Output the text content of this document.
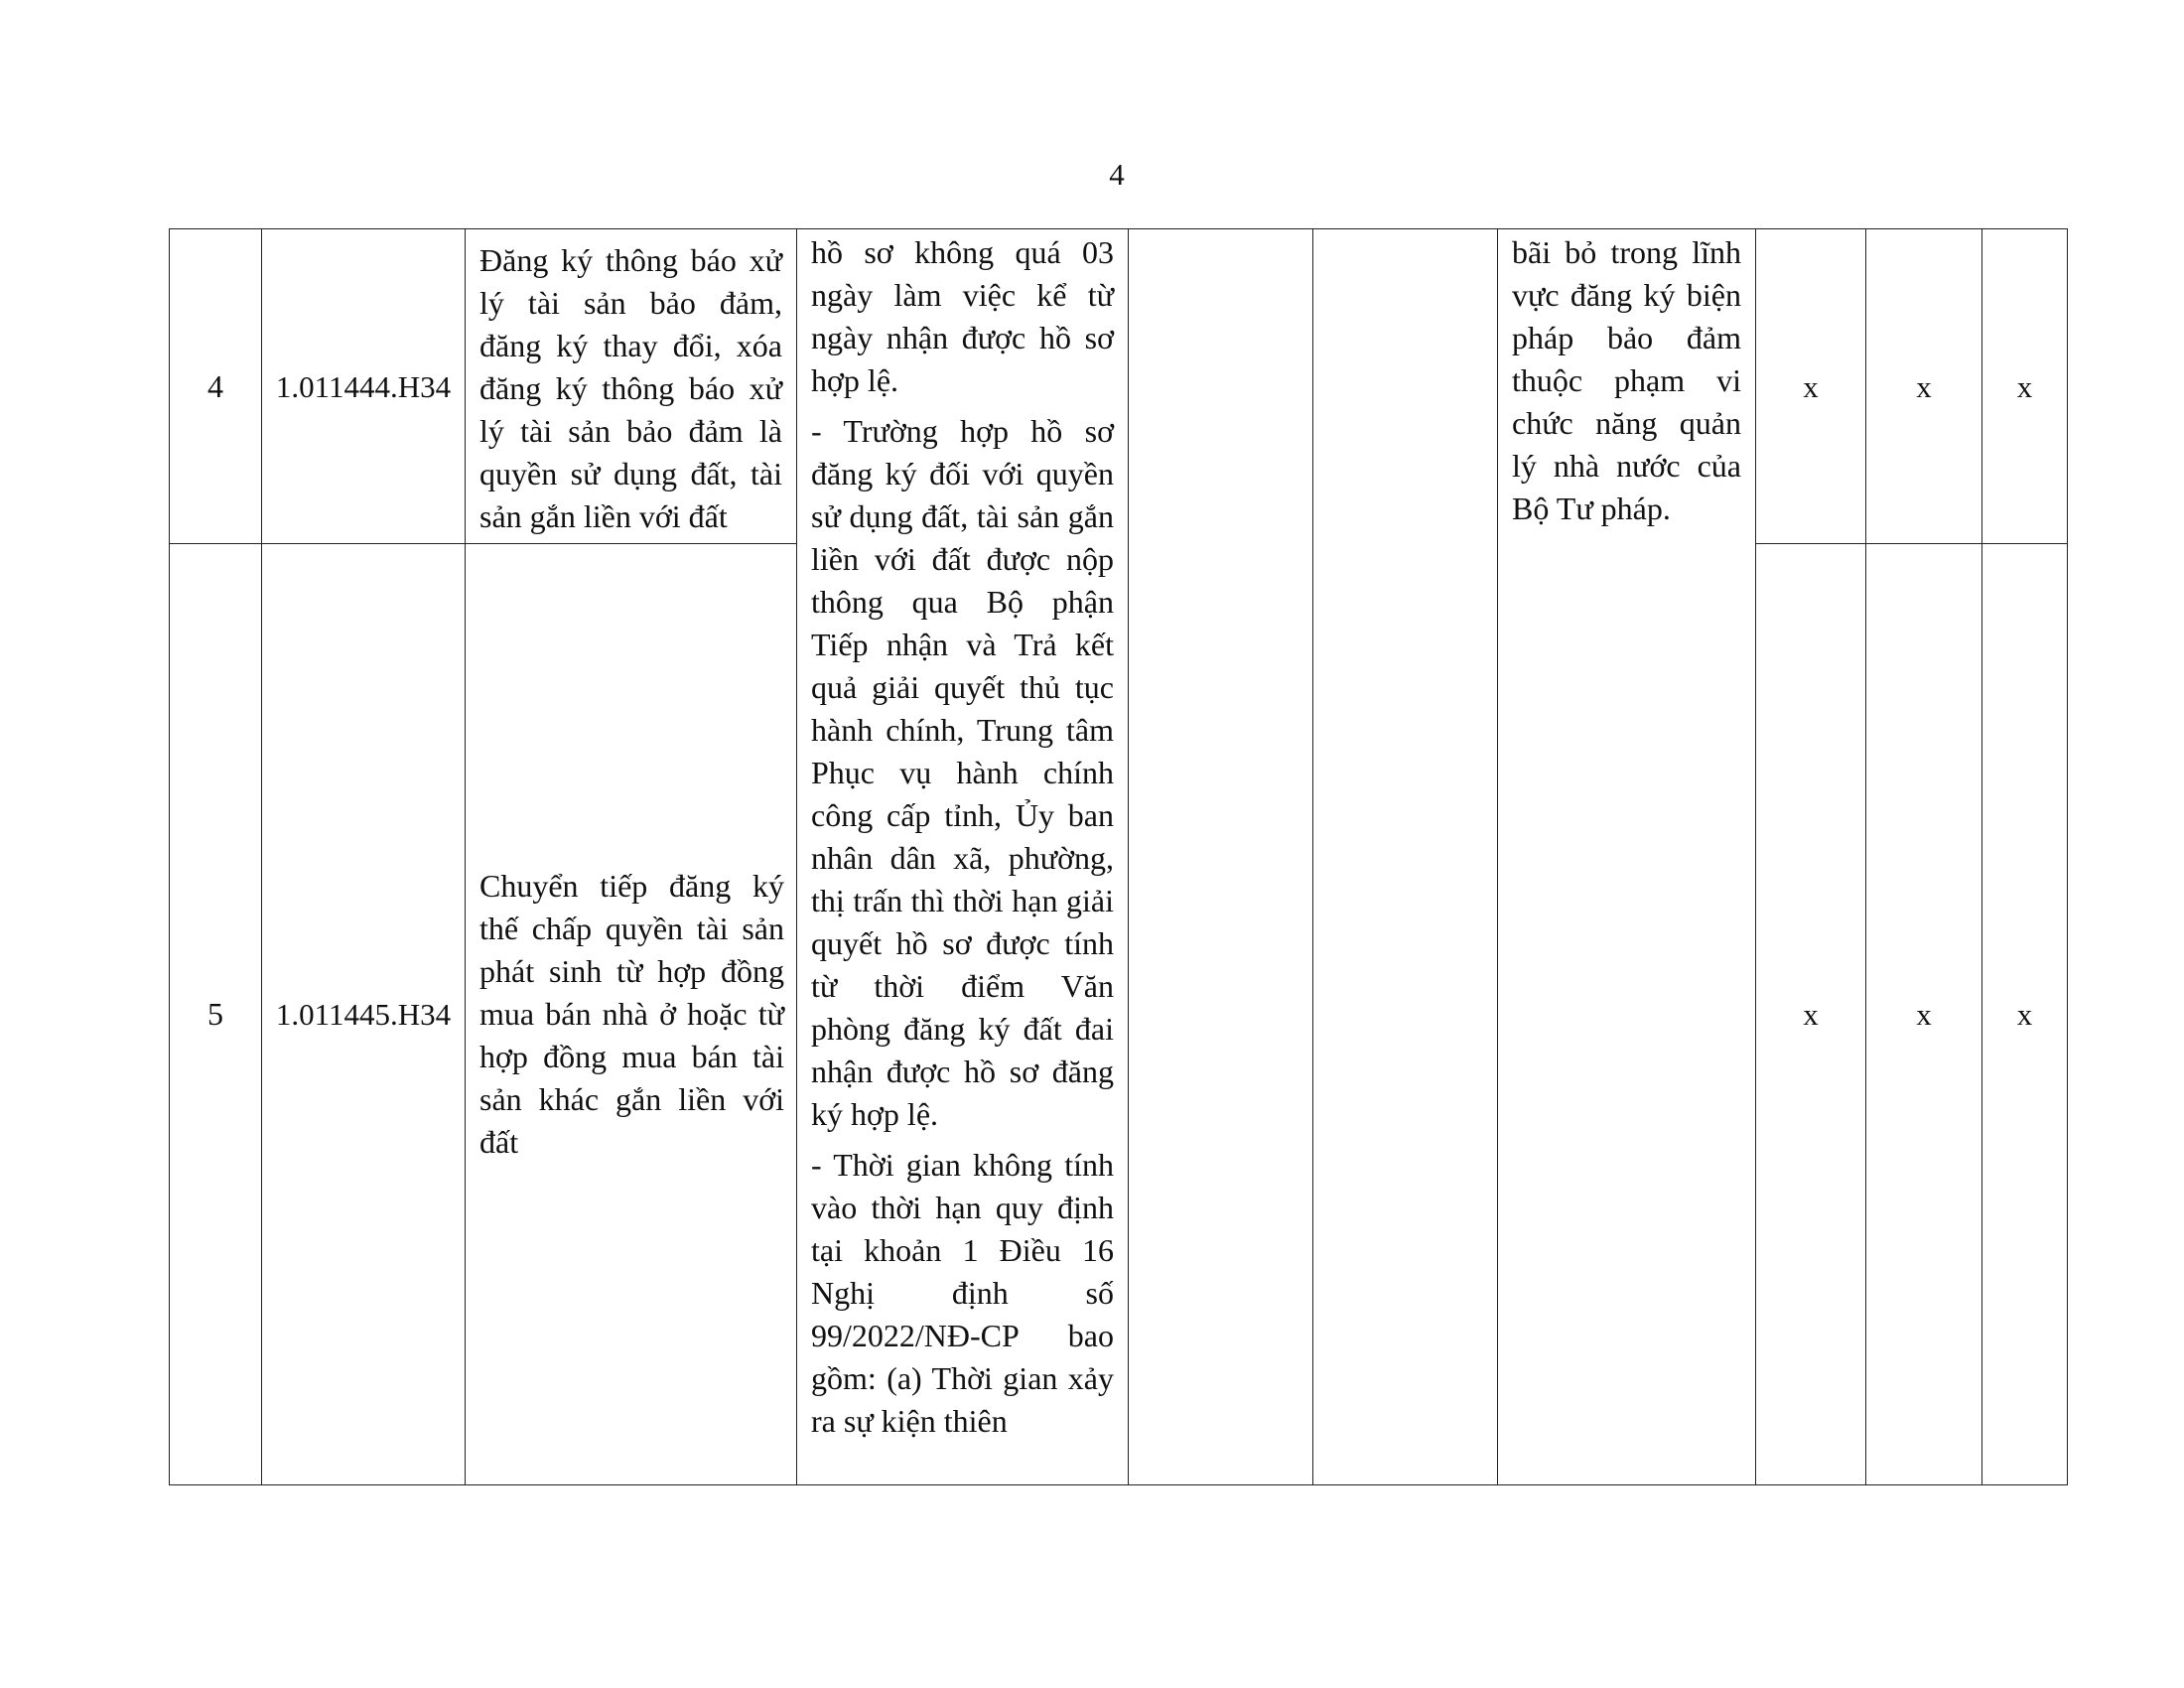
4
4	1.011444.H34	Đăng ký thông báo xử lý tài sản bảo đảm, đăng ký thay đổi, xóa đăng ký thông báo xử lý tài sản bảo đảm là quyền sử dụng đất, tài sản gắn liền với đất	hồ sơ không quá 03 ngày làm việc kể từ ngày nhận được hồ sơ hợp lệ.

- Trường hợp hồ sơ đăng ký đối với quyền sử dụng đất, tài sản gắn liền với đất được nộp thông qua Bộ phận Tiếp nhận và Trả kết quả giải quyết thủ tục hành chính, Trung tâm Phục vụ hành chính công cấp tỉnh, Ủy ban nhân dân xã, phường, thị trấn thì thời hạn giải quyết hồ sơ được tính từ thời điểm Văn phòng đăng ký đất đai nhận được hồ sơ đăng ký hợp lệ.

- Thời gian không tính vào thời hạn quy định tại khoản 1 Điều 16 Nghị định số 99/2022/NĐ-CP bao gồm: (a) Thời gian xảy ra sự kiện thiên			bãi bỏ trong lĩnh vực đăng ký biện pháp bảo đảm thuộc phạm vi chức năng quản lý nhà nước của Bộ Tư pháp.	x	x	x
5	1.011445.H34	Chuyển tiếp đăng ký thế chấp quyền tài sản phát sinh từ hợp đồng mua bán nhà ở hoặc từ hợp đồng mua bán tài sản khác gắn liền với đất					x	x	x
